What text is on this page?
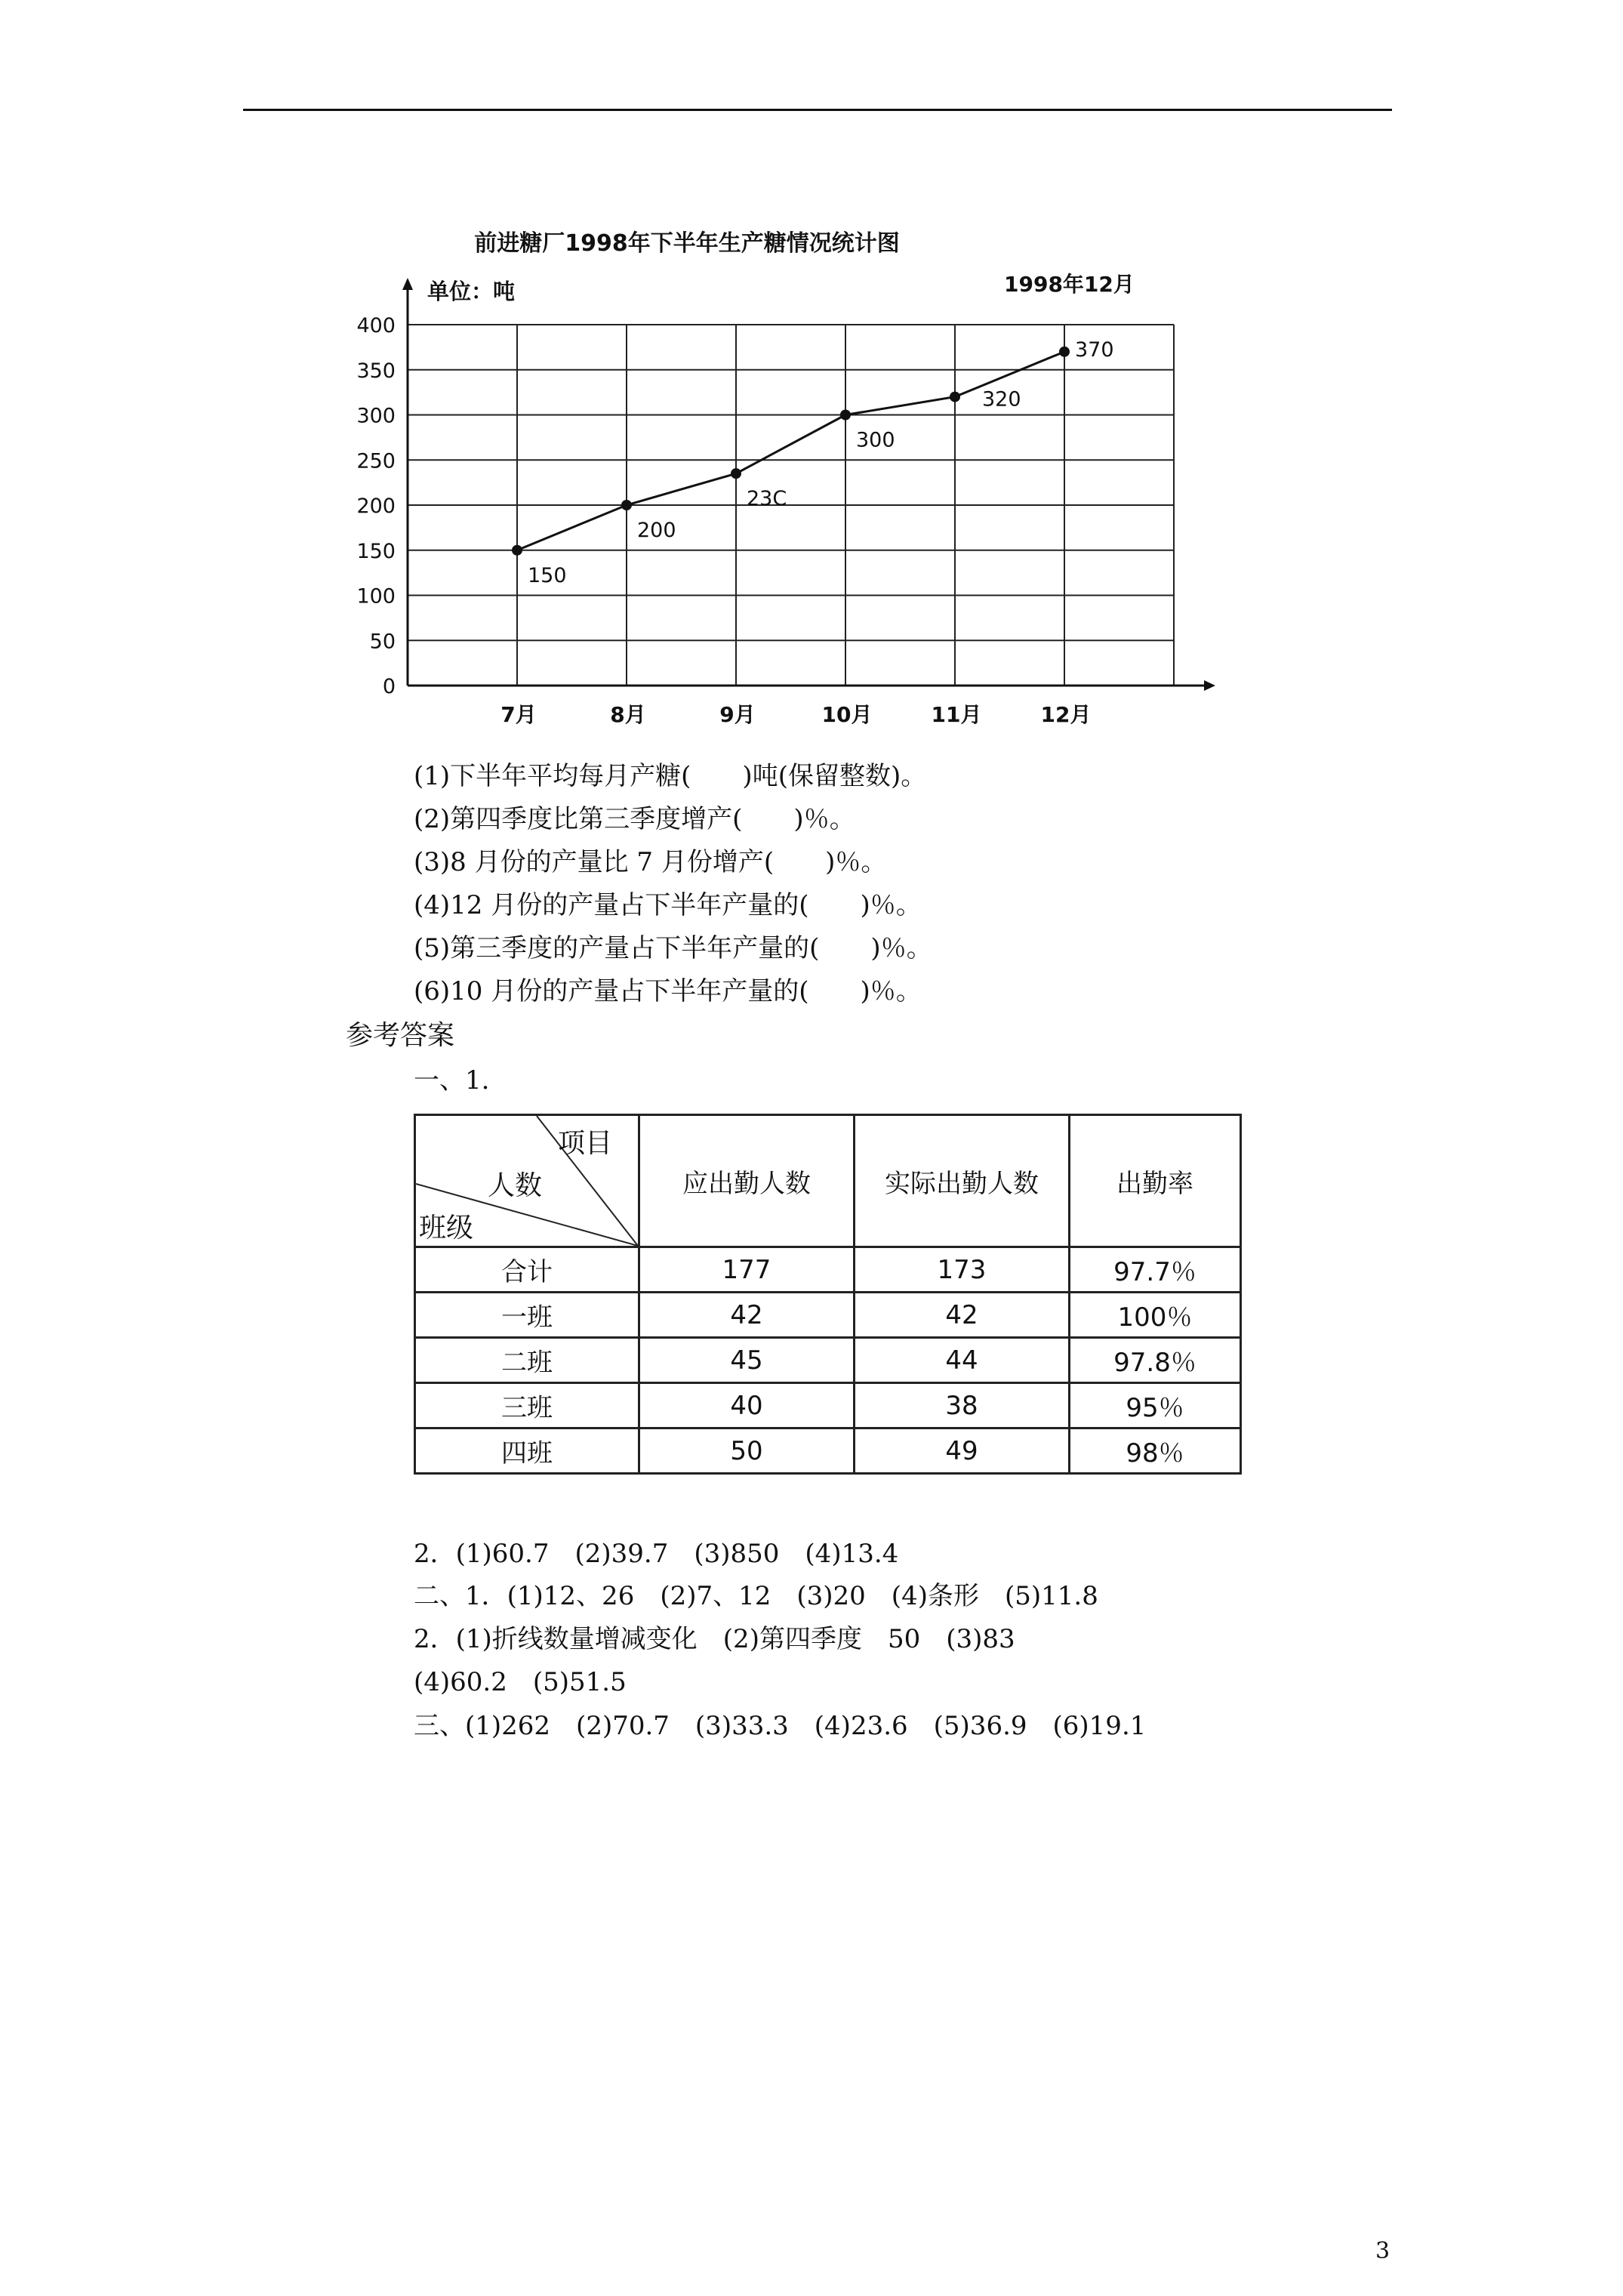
0
50
100
150
200
250
300
350
400
前进糖厂1998年下半年生产糖情况统计图
单位：吨	1998年12月
7月	8月	9月	10月	11月	12月
150
200
23C
300
320
370
(1)下半年平均每月产糖(　　)吨(保留整数)。
(2)第四季度比第三季度增产(　　)％。
(3)8 月份的产量比 7 月份增产(　　)％。
(4)12 月份的产量占下半年产量的(　　)％。
(5)第三季度的产量占下半年产量的(　　)％。
(6)10 月份的产量占下半年产量的(　　)％。
参考答案
一、1.
项目
人数
班级	应出勤人数	实际出勤人数	出勤率
合计	177	173	97.7％
一班	42	42	100％
二班	45	44	97.8％
三班	40	38	95％
四班	50	49	98％
2．(1)60.7　(2)39.7　(3)850　(4)13.4
二、1．(1)12、26　(2)7、12　(3)20　(4)条形　(5)11.8
2．(1)折线数量增减变化　(2)第四季度　50　(3)83
(4)60.2　(5)51.5
三、(1)262　(2)70.7　(3)33.3　(4)23.6　(5)36.9　(6)19.1
3
